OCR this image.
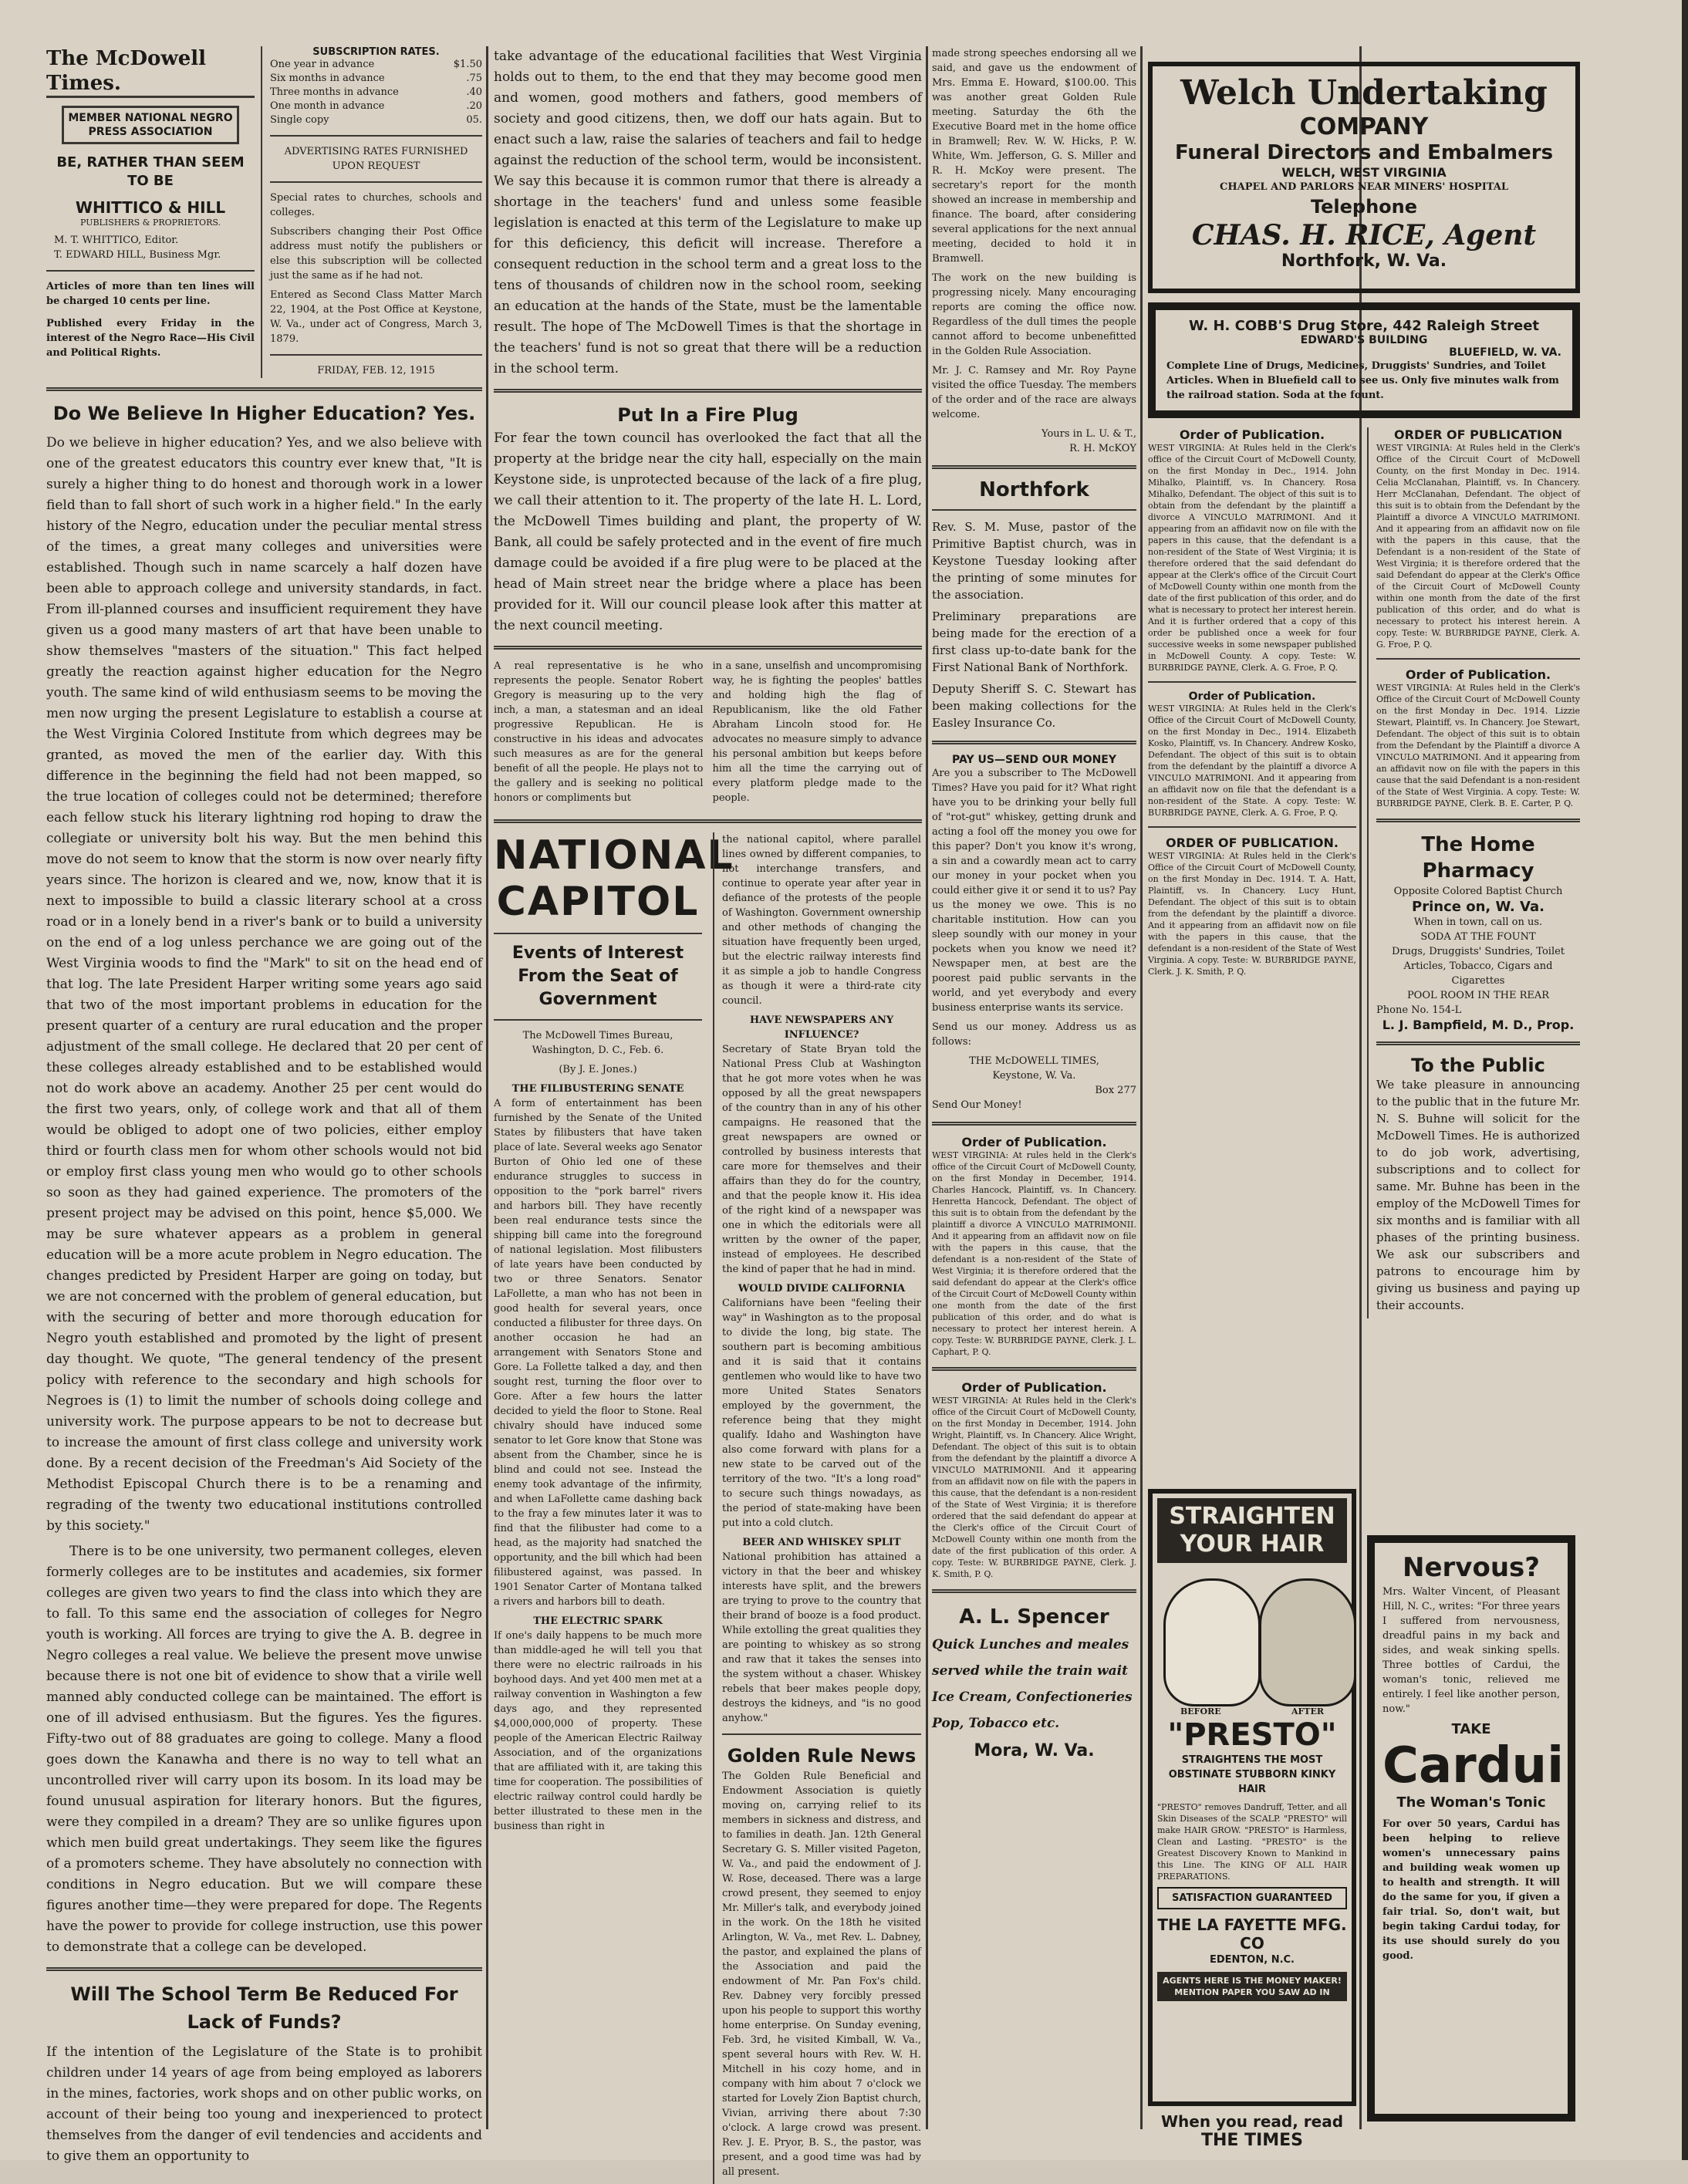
The McDowell Times.
MEMBER NATIONAL NEGRO PRESS ASSOCIATION
BE, RATHER THAN SEEM TO BE
WHITTICO & HILL
PUBLISHERS & PROPRIETORS.
M. T. WHITTICO, Editor.
T. EDWARD HILL, Business Mgr.

Articles of more than ten lines will be charged 10 cents per line.

Published every Friday in the interest of the Negro Race—His Civil and Political Rights.

SUBSCRIPTION RATES.
One year in advance	$1.50
Six months in advance	.75
Three months in advance	.40
One month in advance	.20
Single copy	05.
ADVERTISING RATES FURNISHED UPON REQUEST

Special rates to churches, schools and colleges.

Subscribers changing their Post Office address must notify the publishers or else this subscription will be collected just the same as if he had not.

Entered as Second Class Matter March 22, 1904, at the Post Office at Keystone, W. Va., under act of Congress, March 3, 1879.

FRIDAY, FEB. 12, 1915
Do We Believe In Higher Education? Yes.

Do we believe in higher education? Yes, and we also believe with one of the greatest educators this country ever knew that, "It is surely a higher thing to do honest and thorough work in a lower field than to fall short of such work in a higher field." In the early history of the Negro, education under the peculiar mental stress of the times, a great many colleges and universities were established. Though such in name scarcely a half dozen have been able to approach college and university standards, in fact. From ill-planned courses and insufficient requirement they have given us a good many masters of art that have been unable to show themselves "masters of the situation." This fact helped greatly the reaction against higher education for the Negro youth. The same kind of wild enthusiasm seems to be moving the men now urging the present Legislature to establish a course at the West Virginia Colored Institute from which degrees may be granted, as moved the men of the earlier day. With this difference in the beginning the field had not been mapped, so the true location of colleges could not be determined; therefore each fellow stuck his literary lightning rod hoping to draw the collegiate or university bolt his way. But the men behind this move do not seem to know that the storm is now over nearly fifty years since. The horizon is cleared and we, now, know that it is next to impossible to build a classic literary school at a cross road or in a lonely bend in a river's bank or to build a university on the end of a log unless perchance we are going out of the West Virginia woods to find the "Mark" to sit on the head end of that log. The late President Harper writing some years ago said that two of the most important problems in education for the present quarter of a century are rural education and the proper adjustment of the small college. He declared that 20 per cent of these colleges already established and to be established would not do work above an academy. Another 25 per cent would do the first two years, only, of college work and that all of them would be obliged to adopt one of two policies, either employ third or fourth class men for whom other schools would not bid or employ first class young men who would go to other schools so soon as they had gained experience. The promoters of the present project may be advised on this point, hence $5,000. We may be sure whatever appears as a problem in general education will be a more acute problem in Negro education. The changes predicted by President Harper are going on today, but we are not concerned with the problem of general education, but with the securing of better and more thorough education for Negro youth established and promoted by the light of present day thought. We quote, "The general tendency of the present policy with reference to the secondary and high schools for Negroes is (1) to limit the number of schools doing college and university work. The purpose appears to be not to decrease but to increase the amount of first class college and university work done. By a recent decision of the Freedman's Aid Society of the Methodist Episcopal Church there is to be a renaming and regrading of the twenty two educational institutions controlled by this society."

There is to be one university, two permanent colleges, eleven formerly colleges are to be institutes and academies, six former colleges are given two years to find the class into which they are to fall. To this same end the association of colleges for Negro youth is working. All forces are trying to give the A. B. degree in Negro colleges a real value. We believe the present move unwise because there is not one bit of evidence to show that a virile well manned ably conducted college can be maintained. The effort is one of ill advised enthusiasm. But the figures. Yes the figures. Fifty-two out of 88 graduates are going to college. Many a flood goes down the Kanawha and there is no way to tell what an uncontrolled river will carry upon its bosom. In its load may be found unusual aspiration for literary honors. But the figures, were they compiled in a dream? They are so unlike figures upon which men build great undertakings. They seem like the figures of a promoters scheme. They have absolutely no connection with conditions in Negro education. But we will compare these figures another time—they were prepared for dope. The Regents have the power to provide for college instruction, use this power to demonstrate that a college can be developed.

Will The School Term Be Reduced For Lack of Funds?

If the intention of the Legislature of the State is to prohibit children under 14 years of age from being employed as laborers in the mines, factories, work shops and on other public works, on account of their being too young and inexperienced to protect themselves from the danger of evil tendencies and accidents and to give them an opportunity to

take advantage of the educational facilities that West Virginia holds out to them, to the end that they may become good men and women, good mothers and fathers, good members of society and good citizens, then, we doff our hats again. But to enact such a law, raise the salaries of teachers and fail to hedge against the reduction of the school term, would be inconsistent. We say this because it is common rumor that there is already a shortage in the teachers' fund and unless some feasible legislation is enacted at this term of the Legislature to make up for this deficiency, this deficit will increase. Therefore a consequent reduction in the school term and a great loss to the tens of thousands of children now in the school room, seeking an education at the hands of the State, must be the lamentable result. The hope of The McDowell Times is that the shortage in the teachers' fund is not so great that there will be a reduction in the school term.

Put In a Fire Plug

For fear the town council has overlooked the fact that all the property at the bridge near the city hall, especially on the main Keystone side, is unprotected because of the lack of a fire plug, we call their attention to it. The property of the late H. L. Lord, the McDowell Times building and plant, the property of W. Bank, all could be safely protected and in the event of fire much damage could be avoided if a fire plug were to be placed at the head of Main street near the bridge where a place has been provided for it. Will our council please look after this matter at the next council meeting.

A real representative is he who represents the people. Senator Robert Gregory is measuring up to the very inch, a man, a statesman and an ideal progressive Republican. He is constructive in his ideas and advocates such measures as are for the general benefit of all the people. He plays not to the gallery and is seeking no political honors or compliments but

in a sane, unselfish and uncompromising way, he is fighting the peoples' battles and holding high the flag of Republicanism, like the old Father Abraham Lincoln stood for. He advocates no measure simply to advance his personal ambition but keeps before him all the time the carrying out of every platform pledge made to the people.

NATIONAL
CAPITOL
Events of Interest From the Seat of Government

The McDowell Times Bureau, Washington, D. C., Feb. 6.

(By J. E. Jones.)

THE FILIBUSTERING SENATE

A form of entertainment has been furnished by the Senate of the United States by filibusters that have taken place of late. Several weeks ago Senator Burton of Ohio led one of these endurance struggles to success in opposition to the "pork barrel" rivers and harbors bill. They have recently been real endurance tests since the shipping bill came into the foreground of national legislation. Most filibusters of late years have been conducted by two or three Senators. Senator LaFollette, a man who has not been in good health for several years, once conducted a filibuster for three days. On another occasion he had an arrangement with Senators Stone and Gore. La Follette talked a day, and then sought rest, turning the floor over to Gore. After a few hours the latter decided to yield the floor to Stone. Real chivalry should have induced some senator to let Gore know that Stone was absent from the Chamber, since he is blind and could not see. Instead the enemy took advantage of the infirmity, and when LaFollette came dashing back to the fray a few minutes later it was to find that the filibuster had come to a head, as the majority had snatched the opportunity, and the bill which had been filibustered against, was passed. In 1901 Senator Carter of Montana talked a rivers and harbors bill to death.

THE ELECTRIC SPARK

If one's daily happens to be much more than middle-aged he will tell you that there were no electric railroads in his boyhood days. And yet 400 men met at a railway convention in Washington a few days ago, and they represented $4,000,000,000 of property. These people of the American Electric Railway Association, and of the organizations that are affiliated with it, are taking this time for cooperation. The possibilities of electric railway control could hardly be better illustrated to these men in the business than right in

the national capitol, where parallel lines owned by different companies, to not interchange transfers, and continue to operate year after year in defiance of the protests of the people of Washington. Government ownership and other methods of changing the situation have frequently been urged, but the electric railway interests find it as simple a job to handle Congress as though it were a third-rate city council.

HAVE NEWSPAPERS ANY INFLUENCE?

Secretary of State Bryan told the National Press Club at Washington that he got more votes when he was opposed by all the great newspapers of the country than in any of his other campaigns. He reasoned that the great newspapers are owned or controlled by business interests that care more for themselves and their affairs than they do for the country, and that the people know it. His idea of the right kind of a newspaper was one in which the editorials were all written by the owner of the paper, instead of employees. He described the kind of paper that he had in mind.

WOULD DIVIDE CALIFORNIA

Californians have been "feeling their way" in Washington as to the proposal to divide the long, big state. The southern part is becoming ambitious and it is said that it contains gentlemen who would like to have two more United States Senators employed by the government, the reference being that they might qualify. Idaho and Washington have also come forward with plans for a new state to be carved out of the territory of the two. "It's a long road" to secure such things nowadays, as the period of state-making have been put into a cold clutch.

BEER AND WHISKEY SPLIT

National prohibition has attained a victory in that the beer and whiskey interests have split, and the brewers are trying to prove to the country that their brand of booze is a food product. While extolling the great qualities they are pointing to whiskey as so strong and raw that it takes the senses into the system without a chaser. Whiskey rebels that beer makes people dopy, destroys the kidneys, and "is no good anyhow."

Golden Rule News

The Golden Rule Beneficial and Endowment Association is quietly moving on, carrying relief to its members in sickness and distress, and to families in death. Jan. 12th General Secretary G. S. Miller visited Pageton, W. Va., and paid the endowment of J. W. Rose, deceased. There was a large crowd present, they seemed to enjoy Mr. Miller's talk, and everybody joined in the work. On the 18th he visited Arlington, W. Va., met Rev. L. Dabney, the pastor, and explained the plans of the Association and paid the endowment of Mr. Pan Fox's child. Rev. Dabney very forcibly pressed upon his people to support this worthy home enterprise. On Sunday evening, Feb. 3rd, he visited Kimball, W. Va., spent several hours with Rev. W. H. Mitchell in his cozy home, and in company with him about 7 o'clock we started for Lovely Zion Baptist church, Vivian, arriving there about 7:30 o'clock. A large crowd was present. Rev. J. E. Pryor, B. S., the pastor, was present, and a good time was had by all present.

made strong speeches endorsing all we said, and gave us the endowment of Mrs. Emma E. Howard, $100.00. This was another great Golden Rule meeting. Saturday the 6th the Executive Board met in the home office in Bramwell; Rev. W. W. Hicks, P. W. White, Wm. Jefferson, G. S. Miller and R. H. McKoy were present. The secretary's report for the month showed an increase in membership and finance. The board, after considering several applications for the next annual meeting, decided to hold it in Bramwell.

The work on the new building is progressing nicely. Many encouraging reports are coming the office now. Regardless of the dull times the people cannot afford to become unbenefitted in the Golden Rule Association.

Mr. J. C. Ramsey and Mr. Roy Payne visited the office Tuesday. The members of the order and of the race are always welcome.

Yours in L. U. & T.,
R. H. McKOY
Northfork

Rev. S. M. Muse, pastor of the Primitive Baptist church, was in Keystone Tuesday looking after the printing of some minutes for the association.

Preliminary preparations are being made for the erection of a first class up-to-date bank for the First National Bank of Northfork.

Deputy Sheriff S. C. Stewart has been making collections for the Easley Insurance Co.

PAY US—SEND OUR MONEY

Are you a subscriber to The McDowell Times? Have you paid for it? What right have you to be drinking your belly full of "rot-gut" whiskey, getting drunk and acting a fool off the money you owe for this paper? Don't you know it's wrong, a sin and a cowardly mean act to carry our money in your pocket when you could either give it or send it to us? Pay us the money we owe. This is no charitable institution. How can you sleep soundly with our money in your pockets when you know we need it? Newspaper men, at best are the poorest paid public servants in the world, and yet everybody and every business enterprise wants its service.

Send us our money. Address us as follows:

THE McDOWELL TIMES,
Keystone, W. Va.
Box 277
Send Our Money!
Order of Publication.

WEST VIRGINIA: At rules held in the Clerk's office of the Circuit Court of McDowell County, on the first Monday in December, 1914. Charles Hancock, Plaintiff, vs. In Chancery. Henretta Hancock, Defendant. The object of this suit is to obtain from the defendant by the plaintiff a divorce A VINCULO MATRIMONII. And it appearing from an affidavit now on file with the papers in this cause, that the defendant is a non-resident of the State of West Virginia; it is therefore ordered that the said defendant do appear at the Clerk's office of the Circuit Court of McDowell County within one month from the date of the first publication of this order, and do what is necessary to protect her interest herein. A copy. Teste: W. BURBRIDGE PAYNE, Clerk. J. L. Caphart, P. Q.

Order of Publication.

WEST VIRGINIA: At Rules held in the Clerk's office of the Circuit Court of McDowell County, on the first Monday in December, 1914. John Wright, Plaintiff, vs. In Chancery. Alice Wright, Defendant. The object of this suit is to obtain from the defendant by the plaintiff a divorce A VINCULO MATRIMONII. And it appearing from an affidavit now on file with the papers in this cause, that the defendant is a non-resident of the State of West Virginia; it is therefore ordered that the said defendant do appear at the Clerk's office of the Circuit Court of McDowell County within one month from the date of the first publication of this order. A copy. Teste: W. BURBRIDGE PAYNE, Clerk. J. K. Smith, P. Q.

A. L. Spencer
Quick Lunches and meales
served while the train wait
Ice Cream, Confectioneries
Pop, Tobacco etc.
Mora, W. Va.
Welch Undertaking
COMPANY
Funeral Directors and Embalmers
WELCH, WEST VIRGINIA
CHAPEL AND PARLORS NEAR MINERS' HOSPITAL
Telephone
CHAS. H. RICE, Agent
Northfork, W. Va.
W. H. COBB'S Drug Store, 442 Raleigh Street
EDWARD'S BUILDING
BLUEFIELD, W. VA.
Complete Line of Drugs, Medicines, Druggists' Sundries, and Toilet Articles. When in Bluefield call to see us. Only five minutes walk from the railroad station. Soda at the fount.
Order of Publication.

WEST VIRGINIA: At Rules held in the Clerk's office of the Circuit Court of McDowell County, on the first Monday in Dec., 1914. John Mihalko, Plaintiff, vs. In Chancery. Rosa Mihalko, Defendant. The object of this suit is to obtain from the defendant by the plaintiff a divorce A VINCULO MATRIMONI. And it appearing from an affidavit now on file with the papers in this cause, that the defendant is a non-resident of the State of West Virginia; it is therefore ordered that the said defendant do appear at the Clerk's office of the Circuit Court of McDowell County within one month from the date of the first publication of this order, and do what is necessary to protect her interest herein. And it is further ordered that a copy of this order be published once a week for four successive weeks in some newspaper published in McDowell County. A copy. Teste: W. BURBRIDGE PAYNE, Clerk. A. G. Froe, P. Q.

Order of Publication.

WEST VIRGINIA: At Rules held in the Clerk's Office of the Circuit Court of McDowell County, on the first Monday in Dec., 1914. Elizabeth Kosko, Plaintiff, vs. In Chancery. Andrew Kosko, Defendant. The object of this suit is to obtain from the defendant by the plaintiff a divorce A VINCULO MATRIMONI. And it appearing from an affidavit now on file that the defendant is a non-resident of the State. A copy. Teste: W. BURBRIDGE PAYNE, Clerk. A. G. Froe, P. Q.

ORDER OF PUBLICATION.

WEST VIRGINIA: At Rules held in the Clerk's Office of the Circuit Court of McDowell County, on the first Monday in Dec. 1914. T. A. Hatt, Plaintiff, vs. In Chancery. Lucy Hunt, Defendant. The object of this suit is to obtain from the defendant by the plaintiff a divorce. And it appearing from an affidavit now on file with the papers in this cause, that the defendant is a non-resident of the State of West Virginia. A copy. Teste: W. BURBRIDGE PAYNE, Clerk. J. K. Smith, P. Q.

ORDER OF PUBLICATION

WEST VIRGINIA: At Rules held in the Clerk's Office of the Circuit Court of McDowell County, on the first Monday in Dec. 1914. Celia McClanahan, Plaintiff, vs. In Chancery. Herr McClanahan, Defendant. The object of this suit is to obtain from the Defendant by the Plaintiff a divorce A VINCULO MATRIMONI. And it appearing from an affidavit now on file with the papers in this cause, that the Defendant is a non-resident of the State of West Virginia; it is therefore ordered that the said Defendant do appear at the Clerk's Office of the Circuit Court of McDowell County within one month from the date of the first publication of this order, and do what is necessary to protect his interest herein. A copy. Teste: W. BURBRIDGE PAYNE, Clerk. A. G. Froe, P. Q.

Order of Publication.

WEST VIRGINIA: At Rules held in the Clerk's Office of the Circuit Court of McDowell County on the first Monday in Dec. 1914. Lizzie Stewart, Plaintiff, vs. In Chancery. Joe Stewart, Defendant. The object of this suit is to obtain from the Defendant by the Plaintiff a divorce A VINCULO MATRIMONI. And it appearing from an affidavit now on file with the papers in this cause that the said Defendant is a non-resident of the State of West Virginia. A copy. Teste: W. BURBRIDGE PAYNE, Clerk. B. E. Carter, P. Q.

The Home Pharmacy
Opposite Colored Baptist Church
Prince on, W. Va.
When in town, call on us.
SODA AT THE FOUNT
Drugs, Druggists' Sundries, Toilet Articles, Tobacco, Cigars and Cigarettes
POOL ROOM IN THE REAR
Phone No. 154-L
L. J. Bampfield, M. D., Prop.
To the Public

We take pleasure in announcing to the public that in the future Mr. N. S. Buhne will solicit for the McDowell Times. He is authorized to do job work, advertising, subscriptions and to collect for same. Mr. Buhne has been in the employ of the McDowell Times for six months and is familiar with all phases of the printing business. We ask our subscribers and patrons to encourage him by giving us business and paying up their accounts.

STRAIGHTEN
YOUR HAIR
BEFORE	AFTER
"PRESTO"
STRAIGHTENS THE MOST OBSTINATE STUBBORN KINKY HAIR

"PRESTO" removes Dandruff, Tetter, and all Skin Diseases of the SCALP. "PRESTO" will make HAIR GROW. "PRESTO" is Harmless, Clean and Lasting. "PRESTO" is the Greatest Discovery Known to Mankind in this Line. The KING OF ALL HAIR PREPARATIONS.

SATISFACTION GUARANTEED
THE LA FAYETTE MFG. CO
EDENTON, N.C.
AGENTS HERE IS THE MONEY MAKER! MENTION PAPER YOU SAW AD IN
When you read, read
THE TIMES
Nervous?

Mrs. Walter Vincent, of Pleasant Hill, N. C., writes: "For three years I suffered from nervousness, dreadful pains in my back and sides, and weak sinking spells. Three bottles of Cardui, the woman's tonic, relieved me entirely. I feel like another person, now."

TAKE
Cardui
The Woman's Tonic

For over 50 years, Cardui has been helping to relieve women's unnecessary pains and building weak women up to health and strength. It will do the same for you, if given a fair trial. So, don't wait, but begin taking Cardui today, for its use should surely do you good.
